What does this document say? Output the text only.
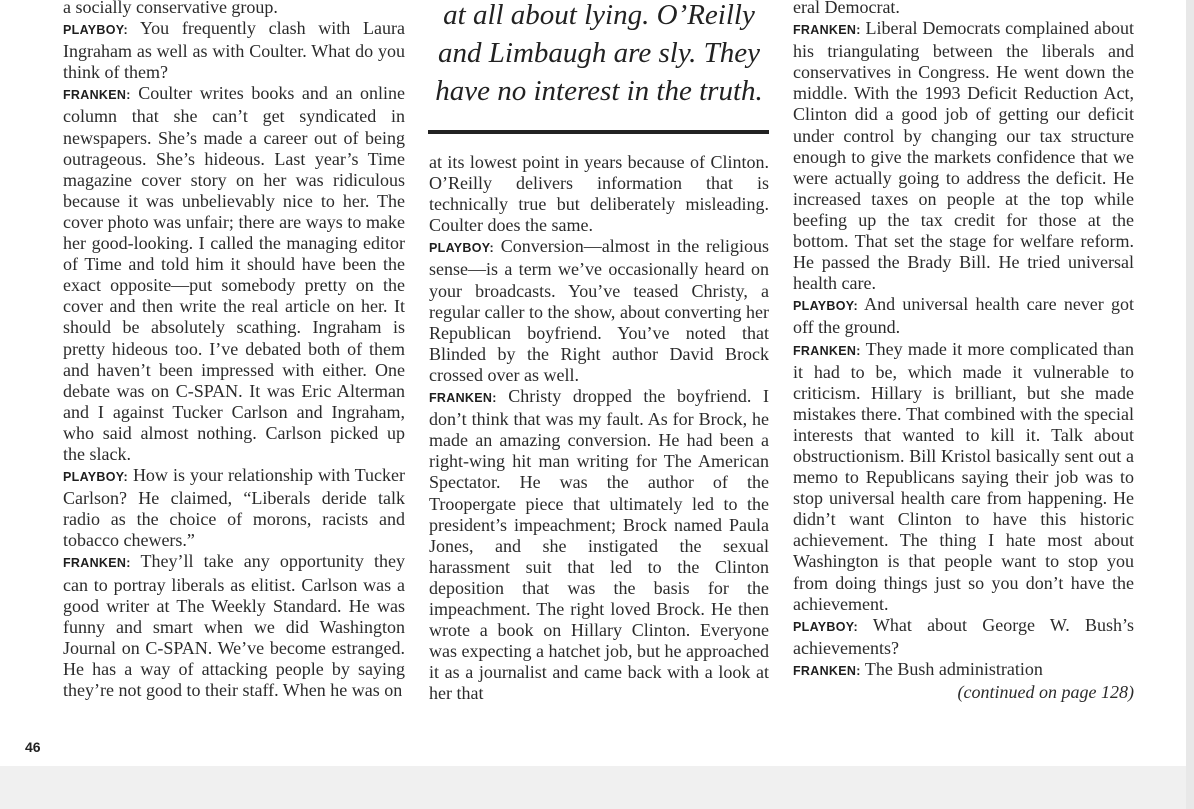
a socially conservative group.

PLAYBOY: You frequently clash with Laura Ingraham as well as with Coulter. What do you think of them?

FRANKEN: Coulter writes books and an online column that she can’t get syndicated in newspapers. She’s made a career out of being outrageous. She’s hideous. Last year’s Time magazine cover story on her was ridiculous because it was unbelievably nice to her. The cover photo was unfair; there are ways to make her good-looking. I called the managing editor of Time and told him it should have been the exact opposite—put somebody pretty on the cover and then write the real article on her. It should be absolutely scathing. Ingraham is pretty hideous too. I’ve debated both of them and haven’t been impressed with either. One debate was on C-SPAN. It was Eric Alterman and I against Tucker Carlson and Ingraham, who said almost nothing. Carlson picked up the slack.

PLAYBOY: How is your relationship with Tucker Carlson? He claimed, “Liberals deride talk radio as the choice of morons, racists and tobacco chewers.”

FRANKEN: They’ll take any opportunity they can to portray liberals as elitist. Carlson was a good writer at The Weekly Standard. He was funny and smart when we did Washington Journal on C-SPAN. We’ve become estranged. He has a way of attacking people by saying they’re not good to their staff. When he was on

at all about lying. O’Reilly and Limbaugh are sly. They have no interest in the truth.

at its lowest point in years because of Clinton. O’Reilly delivers information that is technically true but deliberately misleading. Coulter does the same.

PLAYBOY: Conversion—almost in the religious sense—is a term we’ve occasionally heard on your broadcasts. You’ve teased Christy, a regular caller to the show, about converting her Republican boyfriend. You’ve noted that Blinded by the Right author David Brock crossed over as well.

FRANKEN: Christy dropped the boyfriend. I don’t think that was my fault. As for Brock, he made an amazing conversion. He had been a right-wing hit man writing for The American Spectator. He was the author of the Troopergate piece that ultimately led to the president’s impeachment; Brock named Paula Jones, and she instigated the sexual harassment suit that led to the Clinton deposition that was the basis for the impeachment. The right loved Brock. He then wrote a book on Hillary Clinton. Everyone was expecting a hatchet job, but he approached it as a journalist and came back with a look at her that

eral Democrat.

FRANKEN: Liberal Democrats complained about his triangulating between the liberals and conservatives in Congress. He went down the middle. With the 1993 Deficit Reduction Act, Clinton did a good job of getting our deficit under control by changing our tax structure enough to give the markets confidence that we were actually going to address the deficit. He increased taxes on people at the top while beefing up the tax credit for those at the bottom. That set the stage for welfare reform. He passed the Brady Bill. He tried universal health care.

PLAYBOY: And universal health care never got off the ground.

FRANKEN: They made it more complicated than it had to be, which made it vulnerable to criticism. Hillary is brilliant, but she made mistakes there. That combined with the special interests that wanted to kill it. Talk about obstructionism. Bill Kristol basically sent out a memo to Republicans saying their job was to stop universal health care from happening. He didn’t want Clinton to have this historic achievement. The thing I hate most about Washington is that people want to stop you from doing things just so you don’t have the achievement.

PLAYBOY: What about George W. Bush’s achievements?

FRANKEN: The Bush administration

(continued on page 128)
46
